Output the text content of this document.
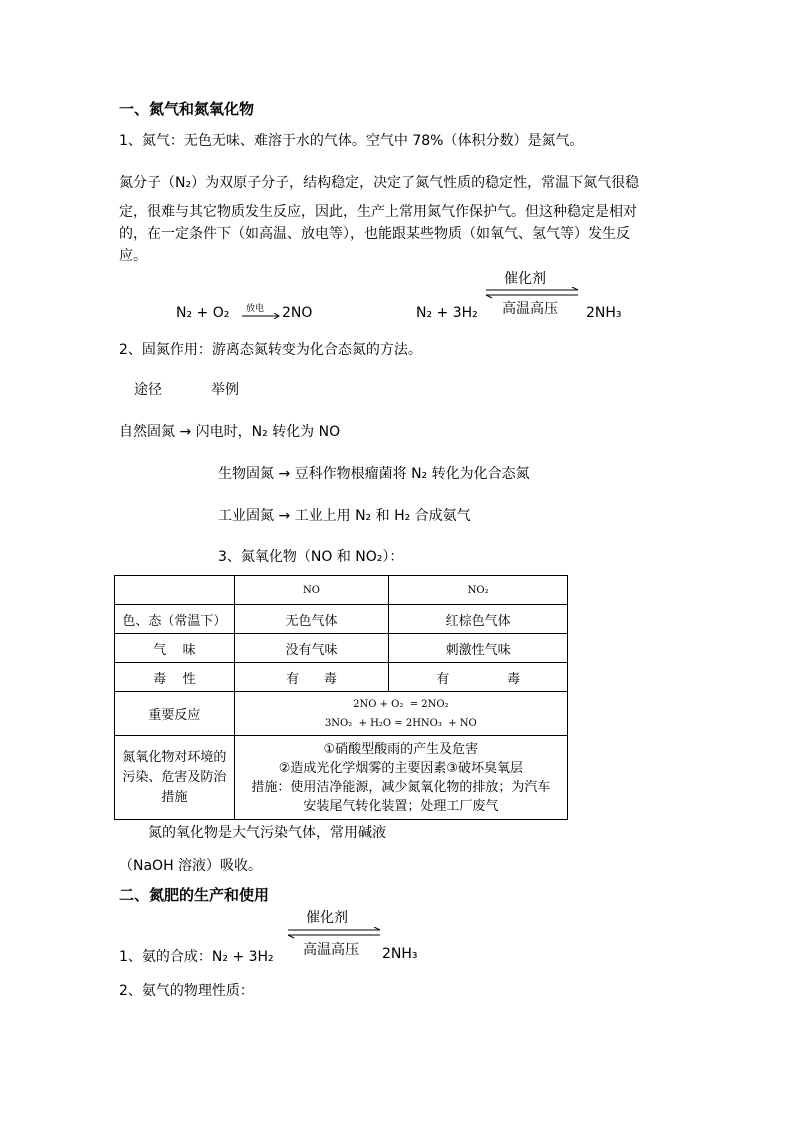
一、氮气和氮氧化物
1、氮气：无色无味、难溶于水的气体。空气中 78%（体积分数）是氮气。
氮分子（N₂）为双原子分子，结构稳定，决定了氮气性质的稳定性，常温下氮气很稳
定，很难与其它物质发生反应，因此，生产上常用氮气作保护气。但这种稳定是相对
的，在一定条件下（如高温、放电等），也能跟某些物质（如氧气、氢气等）发生反
应。
N₂ + O₂ 放电 2NO	N₂ + 3H₂
催化剂
高温高压 2NH₃
2、固氮作用：游离态氮转变为化合态氮的方法。
途径	举例
自然固氮 → 闪电时，N₂ 转化为 NO
生物固氮 → 豆科作物根瘤菌将 N₂ 转化为化合态氮
工业固氮 → 工业上用 N₂ 和 H₂ 合成氨气
3、氮氧化物（NO 和 NO₂）：
	NO	NO₂
色、态（常温下）	无色气体	红棕色气体
气    味	没有气味	刺激性气味
毒    性	有      毒	有              毒
重要反应	2NO + O₂  = 2NO₂
3NO₂  + H₂O = 2HNO₃  + NO	

氮氧化物对环境的污染、危害及防治措施	①硝酸型酸雨的产生及危害
②造成光化学烟雾的主要因素③破坏臭氧层
措施：使用洁净能源，减少氮氧化物的排放；为汽车
安装尾气转化装置；处理工厂废气	
氮的氧化物是大气污染气体，常用碱液
（NaOH 溶液）吸收。
二、氮肥的生产和使用
催化剂
1、氨的合成：N₂ + 3H₂ 高温高压 2NH₃
2、氨气的物理性质：
